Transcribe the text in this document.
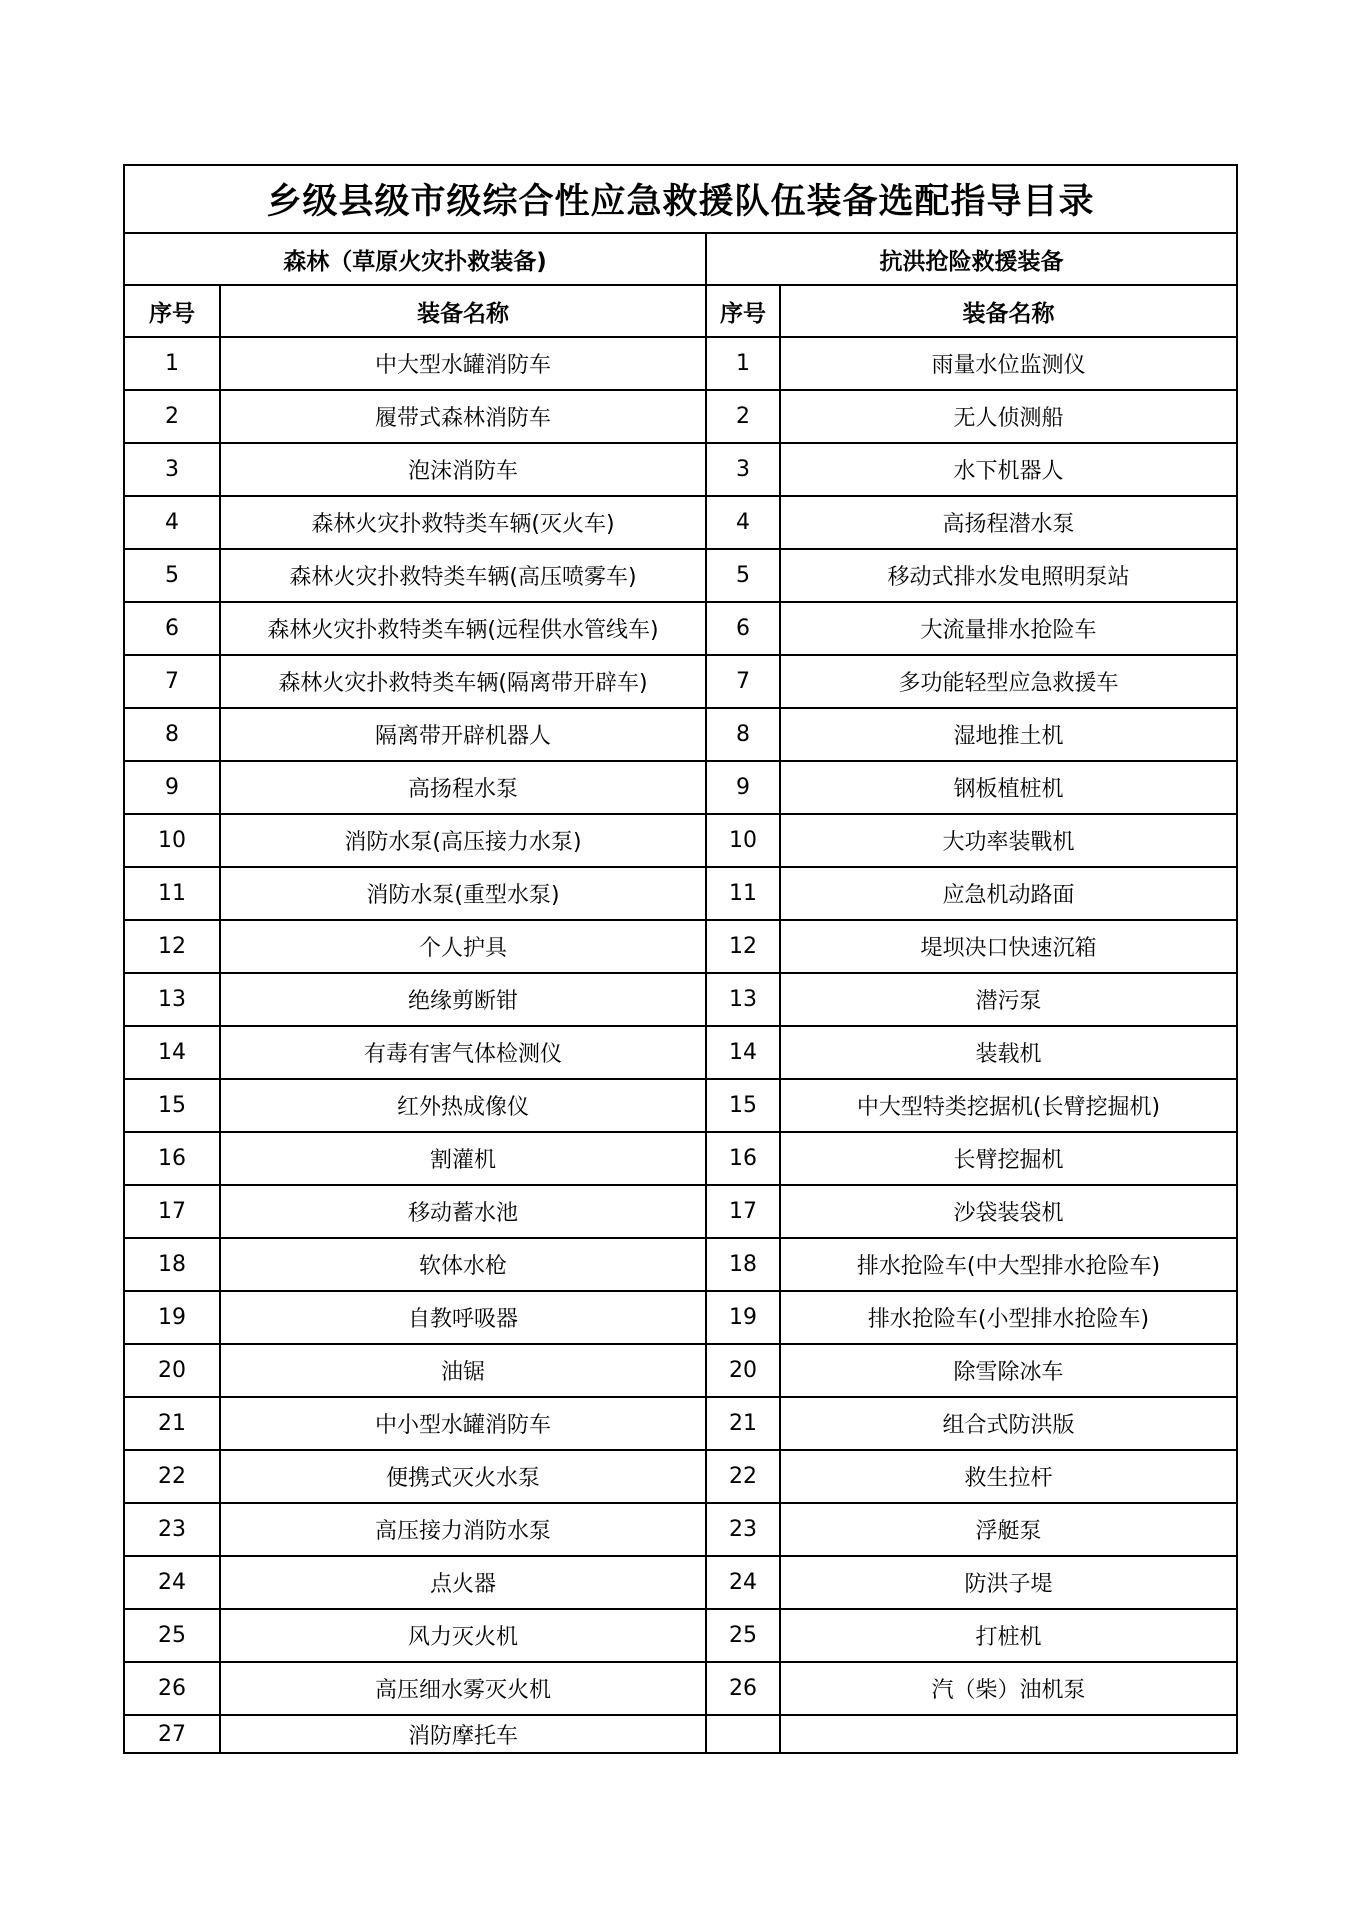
乡级县级市级综合性应急救援队伍装备选配指导目录			
森林（草原火灾扑救装备)		抗洪抢险救援装备	
序号	装备名称	序号	装备名称
1	中大型水罐消防车	1	雨量水位监测仪
2	履带式森林消防车	2	无人侦测船
3	泡沫消防车	3	水下机器人
4	森林火灾扑救特类车辆(灭火车)	4	高扬程潜水泵
5	森林火灾扑救特类车辆(高压喷雾车)	5	移动式排水发电照明泵站
6	森林火灾扑救特类车辆(远程供水管线车)	6	大流量排水抢险车
7	森林火灾扑救特类车辆(隔离带开辟车)	7	多功能轻型应急救援车
8	隔离带开辟机器人	8	湿地推土机
9	高扬程水泵	9	钢板植桩机
10	消防水泵(高压接力水泵)	10	大功率装戰机
11	消防水泵(重型水泵)	11	应急机动路面
12	个人护具	12	堤坝决口快速沉箱
13	绝缘剪断钳	13	潜污泵
14	有毒有害气体检测仪	14	装载机
15	红外热成像仪	15	中大型特类挖据机(长臂挖掘机)
16	割灌机	16	长臂挖掘机
17	移动蓄水池	17	沙袋装袋机
18	软体水枪	18	排水抢险车(中大型排水抢险车)
19	自教呼吸器	19	排水抢险车(小型排水抢险车)
20	油锯	20	除雪除冰车
21	中小型水罐消防车	21	组合式防洪版
22	便携式灭火水泵	22	救生拉杆
23	高压接力消防水泵	23	浮艇泵
24	点火器	24	防洪子堤
25	风力灭火机	25	打桩机
26	高压细水雾灭火机	26	汽（柴）油机泵
27	消防摩托车		
